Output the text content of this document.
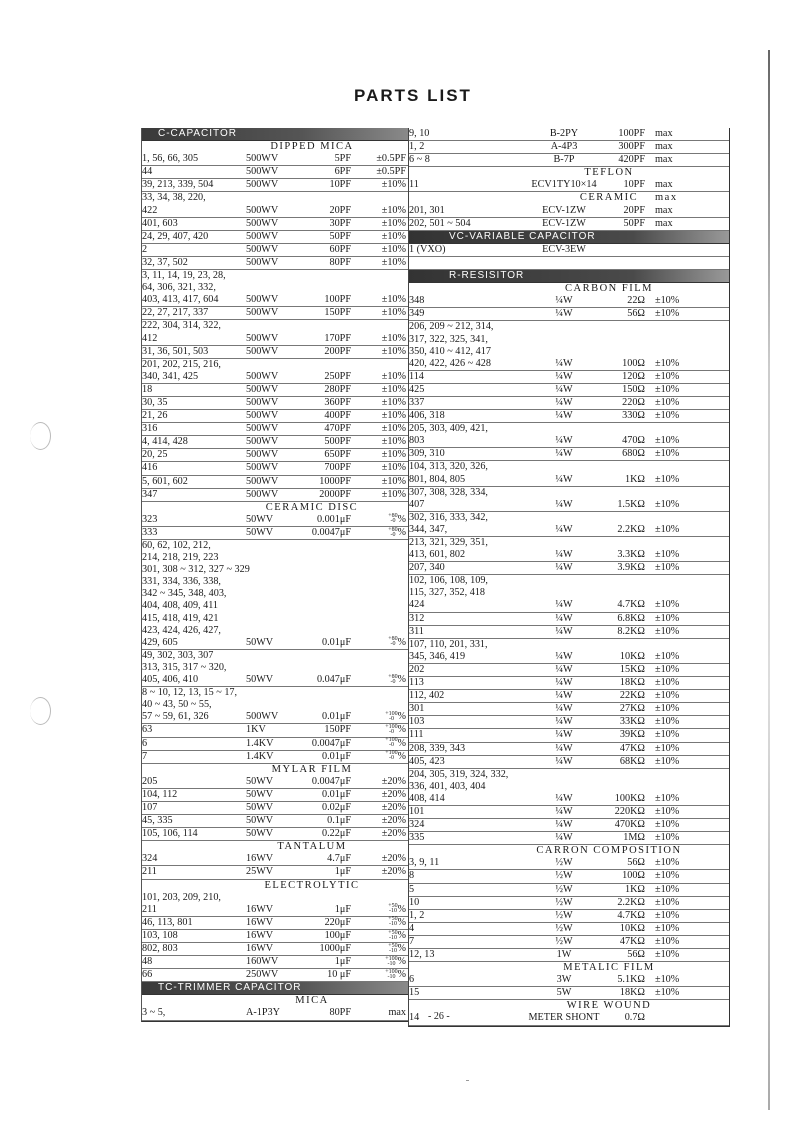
PARTS LIST
C-CAPACITOR
DIPPED MICA
1, 56, 66, 305	500WV	5PF ±0.5PF
44	500WV	6PF ±0.5PF
39, 213, 339, 504	500WV	10PF	±10%
33, 34, 38, 220,
422	500WV	20PF	±10%
401, 603	500WV	30PF	±10%
24, 29, 407, 420	500WV	50PF	±10%
2	500WV	60PF	±10%
32, 37, 502	500WV	80PF	±10%
3, 11, 14, 19, 23, 28,
64, 306, 321, 332,
403, 413, 417, 604	500WV	100PF	±10%
22, 27, 217, 337	500WV	150PF	±10%
222, 304, 314, 322,
412	500WV	170PF	±10%
31, 36, 501, 503	500WV	200PF	±10%
201, 202, 215, 216,
340, 341, 425	500WV	250PF	±10%
18	500WV	280PF	±10%
30, 35	500WV	360PF	±10%
21, 26	500WV	400PF	±10%
316	500WV	470PF	±10%
4, 414, 428	500WV	500PF	±10%
20, 25	500WV	650PF	±10%
416	500WV	700PF	±10%
5, 601, 602	500WV	1000PF	±10%
347	500WV	2000PF	±10%
CERAMIC DISC
323	50WV	0.001μF	+80
-0 %
333	50WV	0.0047μF	+80
-0 %
60, 62, 102, 212,
214, 218, 219, 223
301, 308 ~ 312, 327 ~ 329
331, 334, 336, 338,
342 ~ 345, 348, 403,
404, 408, 409, 411
415, 418, 419, 421
423, 424, 426, 427,
429, 605	50WV	0.01μF	+80
-0 %
49, 302, 303, 307
313, 315, 317 ~ 320,
405, 406, 410	50WV	0.047μF	+80
-0 %
8 ~ 10, 12, 13, 15 ~ 17,
40 ~ 43, 50 ~ 55,
57 ~ 59, 61, 326	500WV	0.01μF	+100
-0 %
63	1KV	150PF	+100
-0 %
6	1.4KV	0.0047μF	+100
-0 %
7	1.4KV	0.01μF	+100
-0 %
MYLAR FILM
205	50WV	0.0047μF	±20%
104, 112	50WV	0.01μF	±20%
107	50WV	0.02μF	±20%
45, 335	50WV	0.1μF	±20%
105, 106, 114	50WV	0.22μF	±20%
TANTALUM
324	16WV	4.7μF	±20%
211	25WV	1μF	±20%
ELECTROLYTIC
101, 203, 209, 210,
211	16WV	1μF	+50
-10 %
46, 113, 801	16WV	220μF	+50
-10 %
103, 108	16WV	100μF	+50
-10 %
802, 803	16WV	1000μF	+50
-10 %
48	160WV	1μF	+100
-10 %
66	250WV	10 μF	+100
-10 %
TC-TRIMMER CAPACITOR
MICA
3 ~ 5,	A-1P3Y	80PF	max
9, 10	B-2PY	100PF max
1, 2	A-4P3	300PF max
6 ~ 8	B-7P	420PF max
TEFLON
11	ECV1TY10×14	10PF max
CERAMIC	max
201, 301	ECV-1ZW	20PF max
202, 501 ~ 504	ECV-1ZW	50PF max
VC-VARIABLE CAPACITOR
1 (VXO)	ECV-3EW
R-RESISITOR
CARBON FILM
348	¼W	22Ω ±10%
349	¼W	56Ω ±10%
206, 209 ~ 212, 314,
317, 322, 325, 341,
350, 410 ~ 412, 417
420, 422, 426 ~ 428	¼W	100Ω ±10%
114	¼W	120Ω ±10%
425	¼W	150Ω ±10%
337	¼W	220Ω ±10%
406, 318	¼W	330Ω ±10%
205, 303, 409, 421,
803	¼W	470Ω ±10%
309, 310	¼W	680Ω ±10%
104, 313, 320, 326,
801, 804, 805	¼W	1KΩ ±10%
307, 308, 328, 334,
407	¼W	1.5KΩ ±10%
302, 316, 333, 342,
344, 347,	¼W	2.2KΩ ±10%
213, 321, 329, 351,
413, 601, 802	¼W	3.3KΩ ±10%
207, 340	¼W	3.9KΩ ±10%
102, 106, 108, 109,
115, 327, 352, 418
424	¼W	4.7KΩ ±10%
312	¼W	6.8KΩ ±10%
311	¼W	8.2KΩ ±10%
107, 110, 201, 331,
345, 346, 419	¼W	10KΩ ±10%
202	¼W	15KΩ ±10%
113	¼W	18KΩ ±10%
112, 402	¼W	22KΩ ±10%
301	¼W	27KΩ ±10%
103	¼W	33KΩ ±10%
111	¼W	39KΩ ±10%
208, 339, 343	¼W	47KΩ ±10%
405, 423	¼W	68KΩ ±10%
204, 305, 319, 324, 332,
336, 401, 403, 404
408, 414	¼W	100KΩ ±10%
101	¼W	220KΩ ±10%
324	¼W	470KΩ ±10%
335	¼W	1MΩ ±10%
CARRON COMPOSITION
3, 9, 11	½W	56Ω ±10%
8	½W	100Ω ±10%
5	½W	1KΩ ±10%
10	½W	2.2KΩ ±10%
1, 2	½W	4.7KΩ ±10%
4	½W	10KΩ ±10%
7	½W	47KΩ ±10%
12, 13	1W	56Ω ±10%
METALIC FILM
6	3W	5.1KΩ ±10%
15	5W	18KΩ ±10%
WIRE WOUND
14	METER SHONT	0.7Ω
- 26 -
